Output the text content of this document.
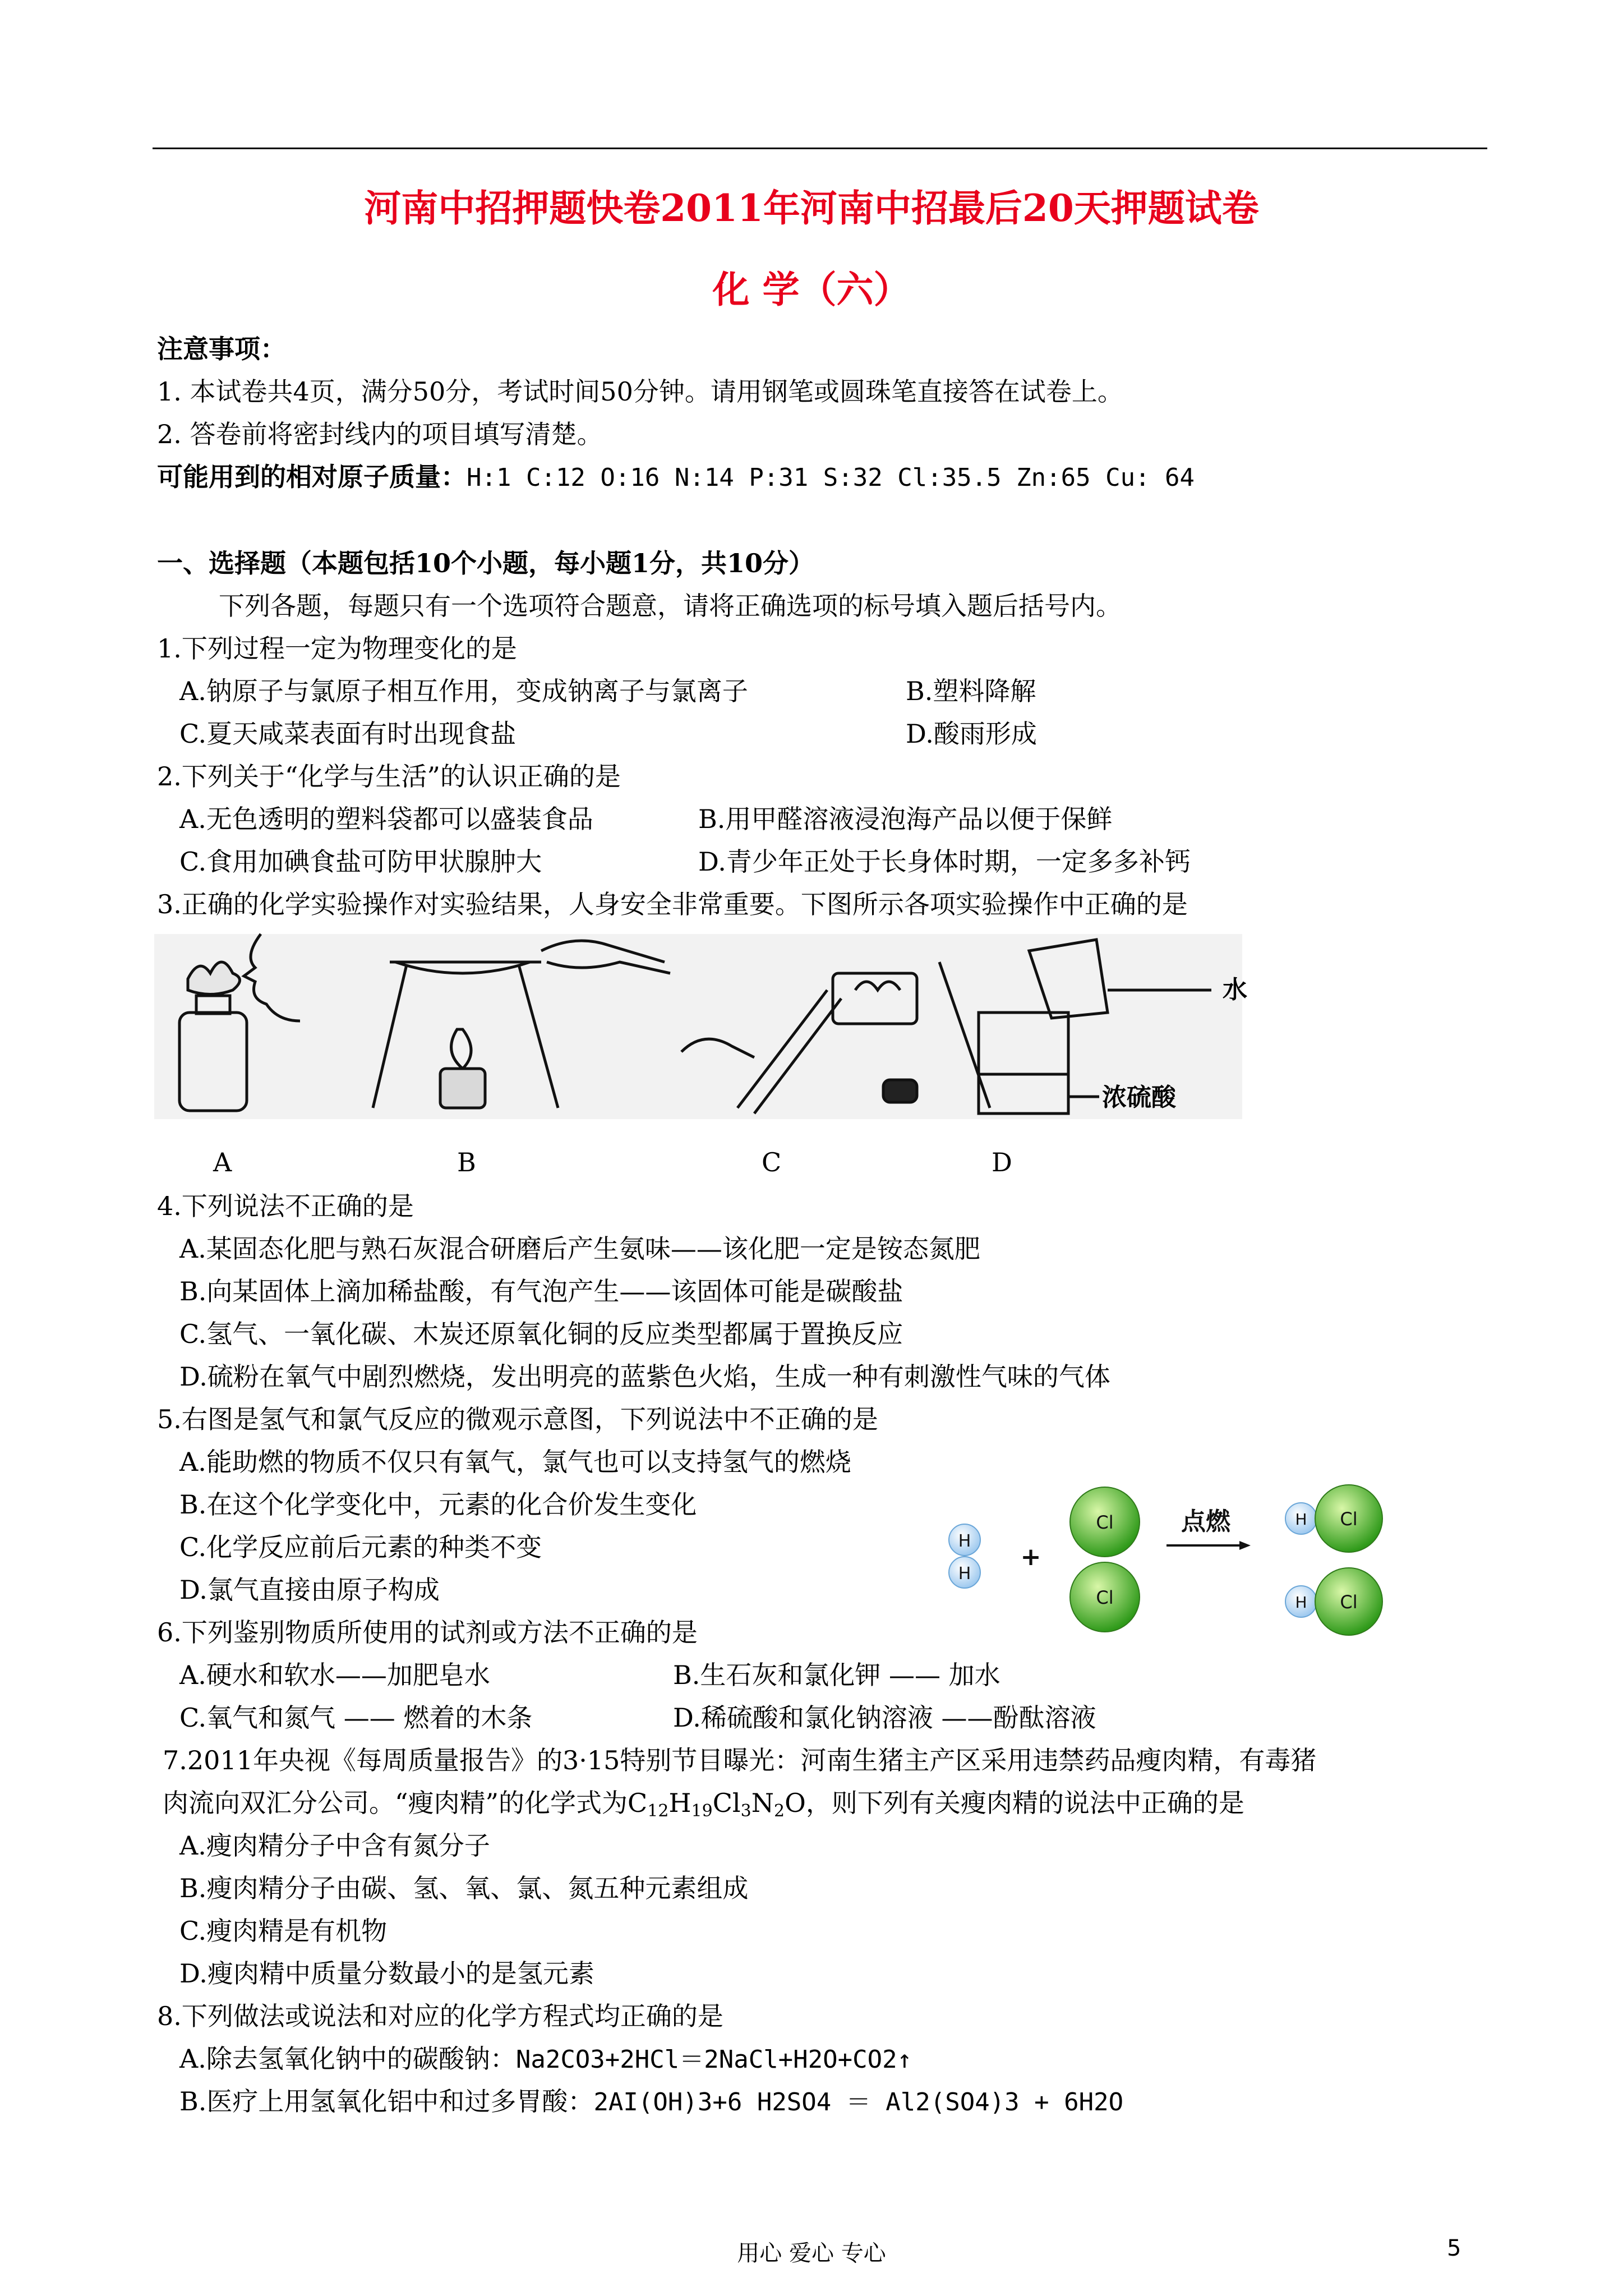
河南中招押题快卷2011年河南中招最后20天押题试卷
化 学（六）
注意事项：
1. 本试卷共4页，满分50分，考试时间50分钟。请用钢笔或圆珠笔直接答在试卷上。
2. 答卷前将密封线内的项目填写清楚。
可能用到的相对原子质量：H:1 C:12 O:16 N:14 P:31 S:32 Cl:35.5 Zn:65 Cu: 64
一、选择题（本题包括10个小题，每小题1分，共10分）
下列各题，每题只有一个选项符合题意，请将正确选项的标号填入题后括号内。
1.下列过程一定为物理变化的是
A.钠原子与氯原子相互作用，变成钠离子与氯离子	B.塑料降解
C.夏天咸菜表面有时出现食盐	D.酸雨形成
2.下列关于“化学与生活”的认识正确的是
A.无色透明的塑料袋都可以盛装食品	B.用甲醛溶液浸泡海产品以便于保鲜
C.食用加碘食盐可防甲状腺肿大	D.青少年正处于长身体时期，一定多多补钙
3.正确的化学实验操作对实验结果，人身安全非常重要。下图所示各项实验操作中正确的是
水
浓硫酸
A	B	C	D
4.下列说法不正确的是
A.某固态化肥与熟石灰混合研磨后产生氨味——该化肥一定是铵态氮肥
B.向某固体上滴加稀盐酸，有气泡产生——该固体可能是碳酸盐
C.氢气、一氧化碳、木炭还原氧化铜的反应类型都属于置换反应
D.硫粉在氧气中剧烈燃烧，发出明亮的蓝紫色火焰，生成一种有刺激性气味的气体
5.右图是氢气和氯气反应的微观示意图，下列说法中不正确的是
A.能助燃的物质不仅只有氧气，氯气也可以支持氢气的燃烧
B.在这个化学变化中，元素的化合价发生变化
C.化学反应前后元素的种类不变
D.氯气直接由原子构成
H
H
+
Cl
Cl
点燃	H Cl
H Cl
6.下列鉴别物质所使用的试剂或方法不正确的是
A.硬水和软水——加肥皂水	B.生石灰和氯化钾 —— 加水
C.氧气和氮气 —— 燃着的木条	D.稀硫酸和氯化钠溶液 ——酚酞溶液
7.2011年央视《每周质量报告》的3·15特别节目曝光：河南生猪主产区采用违禁药品瘦肉精，有毒猪
肉流向双汇分公司。“瘦肉精”的化学式为$C_{12}H_{19}Cl_3N_2O$，则下列有关瘦肉精的说法中正确的是
A.瘦肉精分子中含有氮分子
B.瘦肉精分子由碳、氢、氧、氯、氮五种元素组成
C.瘦肉精是有机物
D.瘦肉精中质量分数最小的是氢元素
8.下列做法或说法和对应的化学方程式均正确的是
A.除去氢氧化钠中的碳酸钠：Na2CO3+2HCl＝2NaCl+H2O+CO2↑
B.医疗上用氢氧化铝中和过多胃酸：2AI(OH)3+6 H2SO4 ＝ Al2(SO4)3 + 6H2O
用心 爱心 专心	5
